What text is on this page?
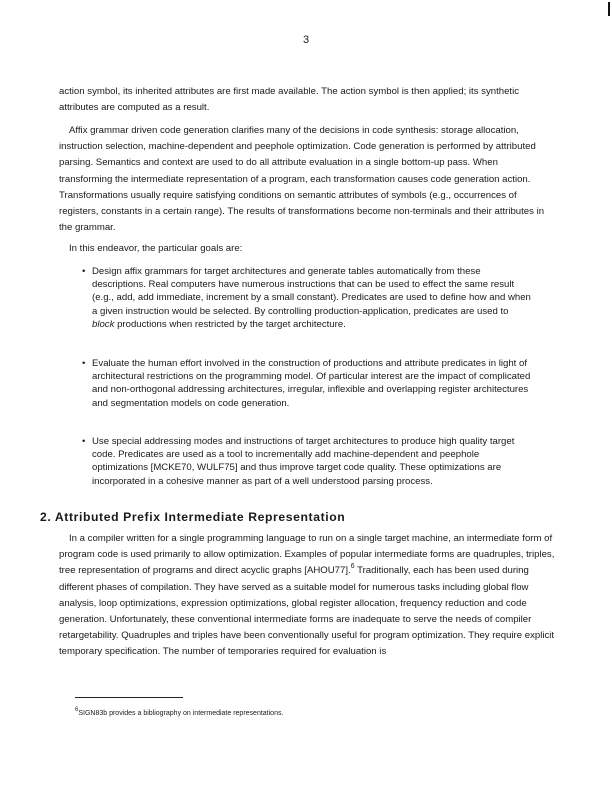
3

action symbol, its inherited attributes are first made available. The action symbol is then applied; its synthetic attributes are computed as a result.

Affix grammar driven code generation clarifies many of the decisions in code synthesis: storage allocation, instruction selection, machine-dependent and peephole optimization. Code generation is performed by attributed parsing. Semantics and context are used to do all attribute evaluation in a single bottom-up pass. When transforming the intermediate representation of a program, each transformation causes code generation action. Transformations usually require satisfying conditions on semantic attributes of symbols (e.g., occurrences of registers, constants in a certain range). The results of transformations become non-terminals and their attributes in the grammar.

In this endeavor, the particular goals are:

• Design affix grammars for target architectures and generate tables automatically from these descriptions. Real computers have numerous instructions that can be used to effect the same result (e.g., add, add immediate, increment by a small constant). Predicates are used to define how and when a given instruction would be selected. By controlling production-application, predicates are used to block productions when restricted by the target architecture.
• Evaluate the human effort involved in the construction of productions and attribute predicates in light of architectural restrictions on the programming model. Of particular interest are the impact of complicated and non-orthogonal addressing architectures, irregular, inflexible and overlapping register architectures and segmentation models on code generation.
• Use special addressing modes and instructions of target architectures to produce high quality target code. Predicates are used as a tool to incrementally add machine-dependent and peephole optimizations [MCKE70, WULF75] and thus improve target code quality. These optimizations are incorporated in a cohesive manner as part of a well understood parsing process.
2. Attributed Prefix Intermediate Representation

In a compiler written for a single programming language to run on a single target machine, an intermediate form of program code is used primarily to allow optimization. Examples of popular intermediate forms are quadruples, triples, tree representation of programs and direct acyclic graphs [AHOU77].$^6$ Traditionally, each has been used during different phases of compilation. They have served as a suitable model for numerous tasks including global flow analysis, loop optimizations, expression optimizations, global register allocation, frequency reduction and code generation. Unfortunately, these conventional intermediate forms are inadequate to serve the needs of compiler retargetability. Quadruples and triples have been conventionally useful for program optimization. They require explicit temporary specification. The number of temporaries required for evaluation is

$^6$SIGN83b provides a bibliography on intermediate representations.
